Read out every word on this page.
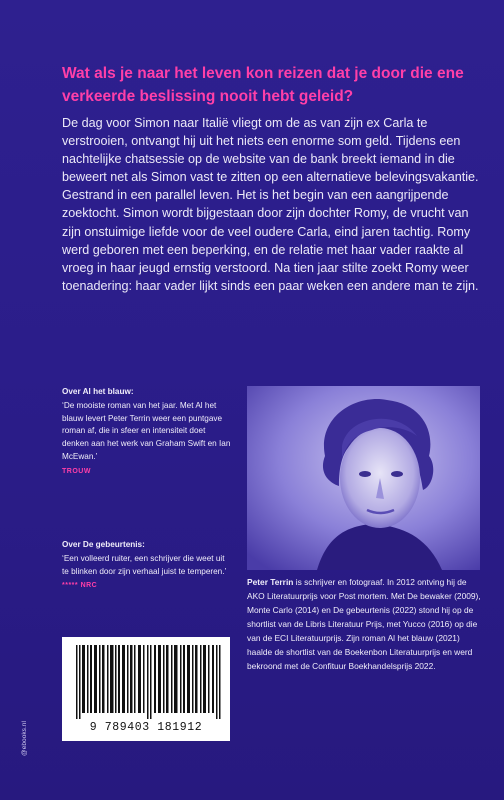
Wat als je naar het leven kon reizen dat je door die ene verkeerde beslissing nooit hebt geleid?

De dag voor Simon naar Italië vliegt om de as van zijn ex Carla te verstrooien, ontvangt hij uit het niets een enorme som geld. Tijdens een nachtelijke chatsessie op de website van de bank breekt iemand in die beweert net als Simon vast te zitten op een alternatieve belevingsvakantie. Gestrand in een parallel leven. Het is het begin van een aangrijpende zoektocht. Simon wordt bijgestaan door zijn dochter Romy, de vrucht van zijn onstuimige liefde voor de veel oudere Carla, eind jaren tachtig. Romy werd geboren met een beperking, en de relatie met haar vader raakte al vroeg in haar jeugd ernstig verstoord. Na tien jaar stilte zoekt Romy weer toenadering: haar vader lijkt sinds een paar weken een andere man te zijn.

Over Al het blauw:
‘De mooiste roman van het jaar. Met Al het blauw levert Peter Terrin weer een puntgave roman af, die in sfeer en intensiteit doet denken aan het werk van Graham Swift en Ian McEwan.’
TROUW
Over De gebeurtenis:
‘Een volleerd ruiter, een schrijver die weet uit te blinken door zijn verhaal juist te temperen.’
***** NRC	Peter Terrin is schrijver en fotograaf. In 2012 ontving hij de AKO Literatuurprijs voor Post mortem. Met De bewaker (2009), Monte Carlo (2014) en De gebeurtenis (2022) stond hij op de shortlist van de Libris Literatuur Prijs, met Yucco (2016) op die van de ECI Literatuurprijs. Zijn roman Al het blauw (2021) haalde de shortlist van de Boekenbon Literatuurprijs en werd bekroond met de Confituur Boekhandelsprijs 2022.

9 789403 181912
@ebooks.nl
